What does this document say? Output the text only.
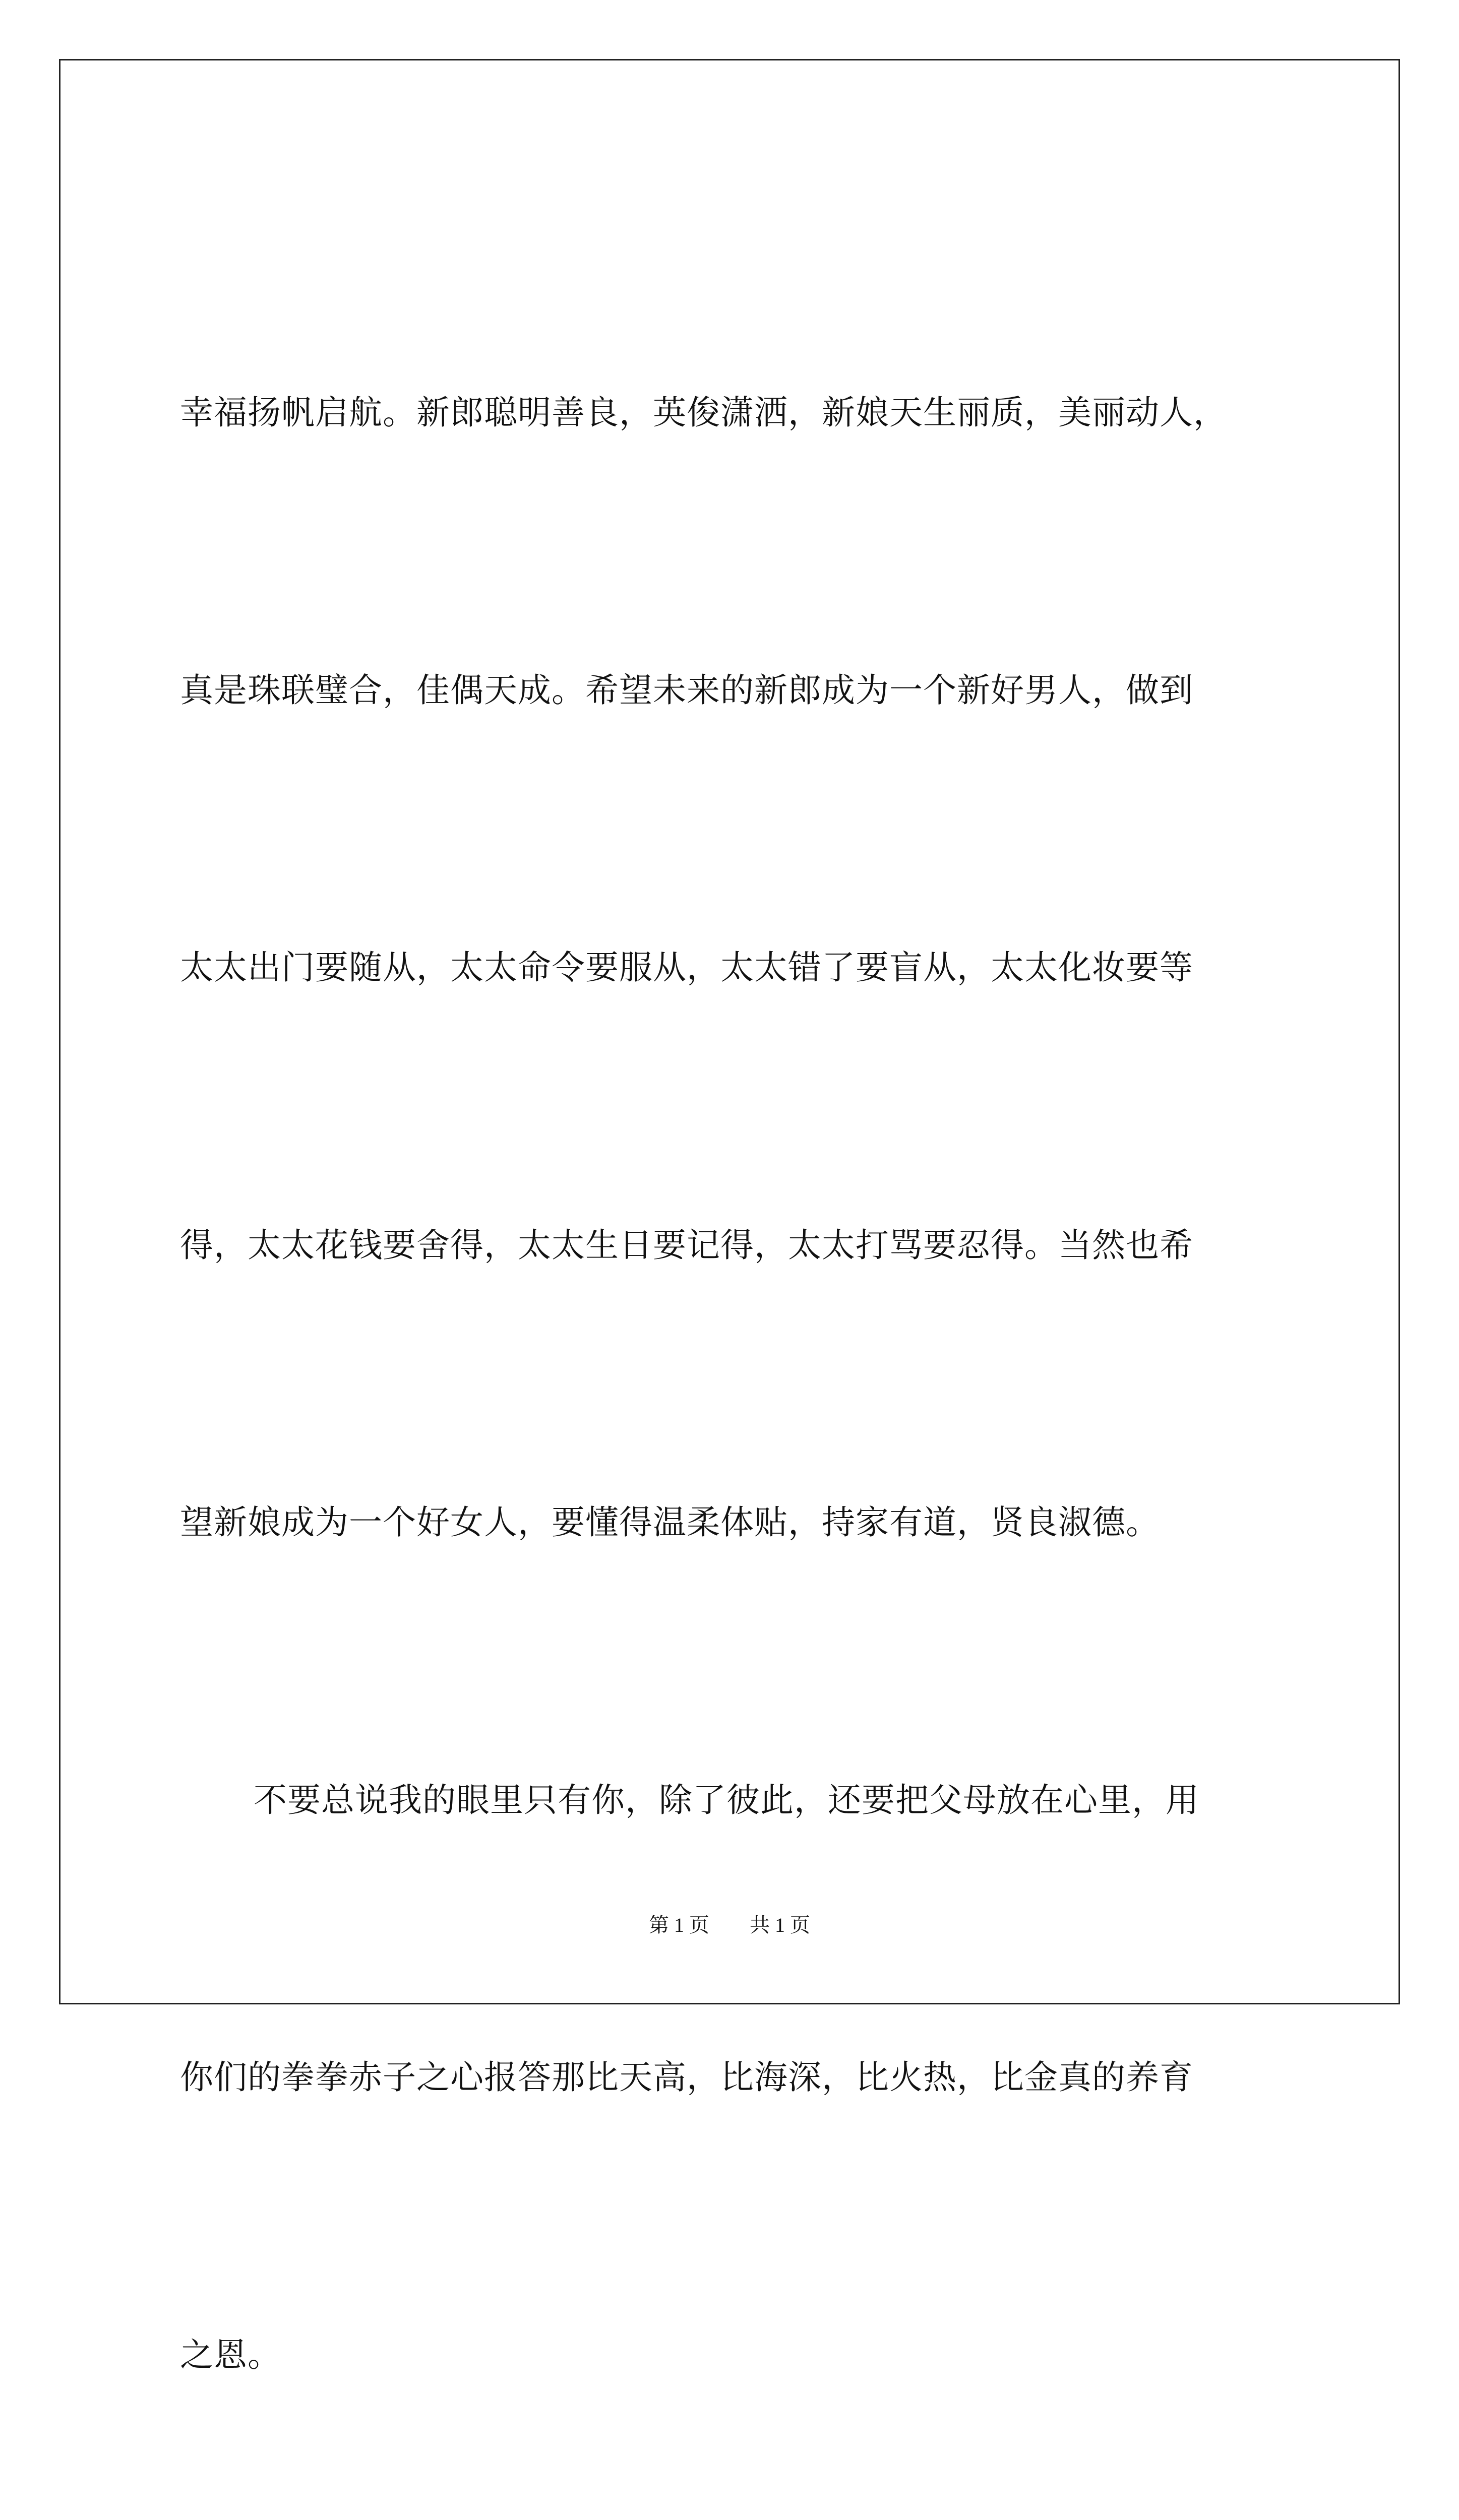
幸福扬帆启航。新郎聪明善良，英俊潇洒，新娘天生丽质，美丽动人，

真是珠联璧合，佳偶天成。希望未来的新郎成为一个新好男人，做到

太太出门要随从，太太命令要服从，太太错了要盲从，太太化妆要等

得，太太花钱要舍得，太太生日要记得，太太打骂要忍得。当然也希

望新娘成为一个好女人，要懂得温柔体贴，持家有道，贤良淑德。

不要总说我的眼里只有你，除了彼此，还要把父母放在心里，用

你们的拳拳赤子之心报答那比天高，比海深，比火热，比金真的养育

之恩。

第 1 页 共 1 页
